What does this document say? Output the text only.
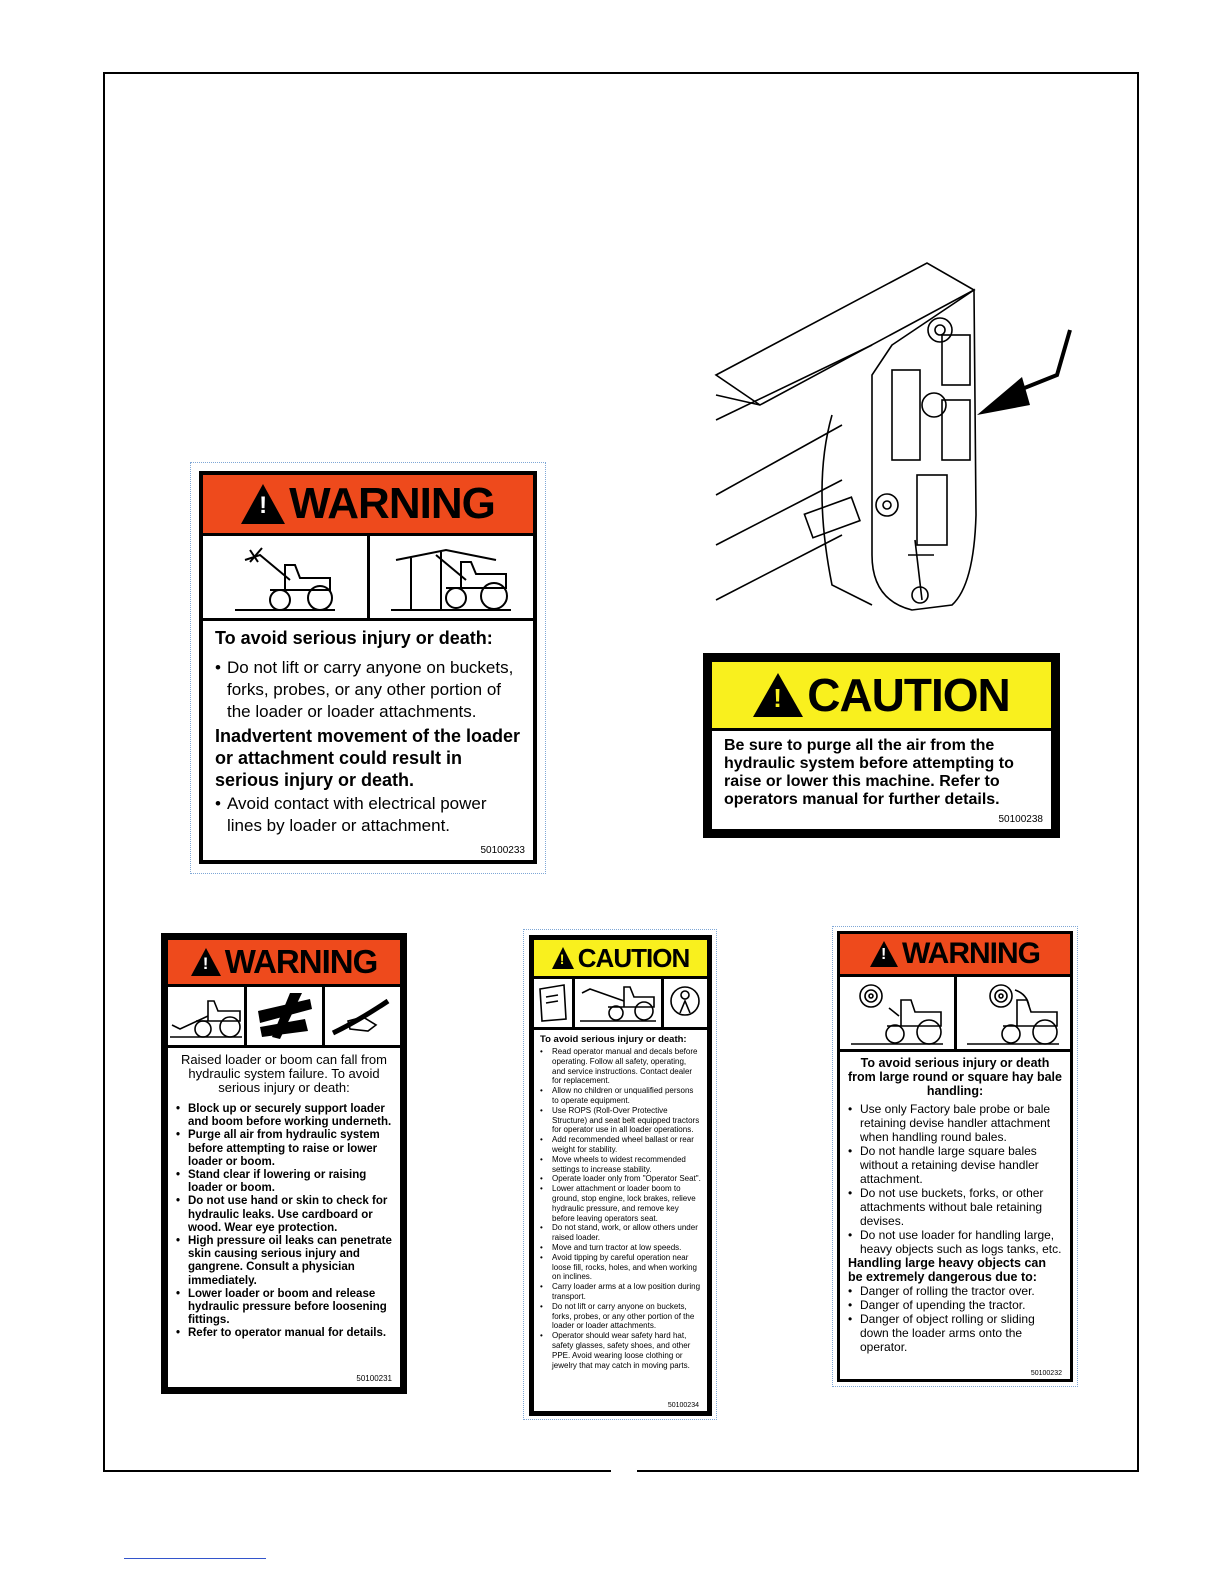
! WARNING
To avoid serious injury or death:
• Do not lift or carry anyone on buckets, forks, probes, or any other portion of the loader or loader attachments.
Inadvertent movement of the loader or attachment could result in serious injury or death.
• Avoid contact with electrical power lines by loader or attachment.
50100233
! CAUTION
Be sure to purge all the air from the hydraulic system before attempting to raise or lower this machine. Refer to operators manual for further details.
50100238
! WARNING
Raised loader or boom can fall from hydraulic system failure. To avoid serious injury or death:
• Block up or securely support loader and boom before working underneth.
• Purge all air from hydraulic system before attempting to raise or lower loader or boom.
• Stand clear if lowering or raising loader or boom.
• Do not use hand or skin to check for hydraulic leaks. Use cardboard or wood. Wear eye protection.
• High pressure oil leaks can penetrate skin causing serious injury and gangrene. Consult a physician immediately.
• Lower loader or boom and release hydraulic pressure before loosening fittings.
• Refer to operator manual for details.
50100231
! CAUTION
To avoid serious injury or death:
• Read operator manual and decals before operating. Follow all safety, operating, and service instructions. Contact dealer for replacement.
• Allow no children or unqualified persons to operate equipment.
• Use ROPS (Roll-Over Protective Structure) and seat belt equipped tractors for operator use in all loader operations.
• Add recommended wheel ballast or rear weight for stability.
• Move wheels to widest recommended settings to increase stability.
• Operate loader only from "Operator Seat".
• Lower attachment or loader boom to ground, stop engine, lock brakes, relieve hydraulic pressure, and remove key before leaving operators seat.
• Do not stand, work, or allow others under raised loader.
• Move and turn tractor at low speeds.
• Avoid tipping by careful operation near loose fill, rocks, holes, and when working on inclines.
• Carry loader arms at a low position during transport.
• Do not lift or carry anyone on buckets, forks, probes, or any other portion of the loader or loader attachments.
• Operator should wear safety hard hat, safety glasses, safety shoes, and other PPE. Avoid wearing loose clothing or jewelry that may catch in moving parts.
50100234
! WARNING
To avoid serious injury or death from large round or square hay bale handling:
• Use only Factory bale probe or bale retaining devise handler attachment when handling round bales.
• Do not handle large square bales without a retaining devise handler attachment.
• Do not use buckets, forks, or other attachments without bale retaining devises.
• Do not use loader for handling large, heavy objects such as logs tanks, etc.
Handling large heavy objects can be extremely dangerous due to:
• Danger of rolling the tractor over.
• Danger of upending the tractor.
• Danger of object rolling or sliding down the loader arms onto the operator.
50100232
